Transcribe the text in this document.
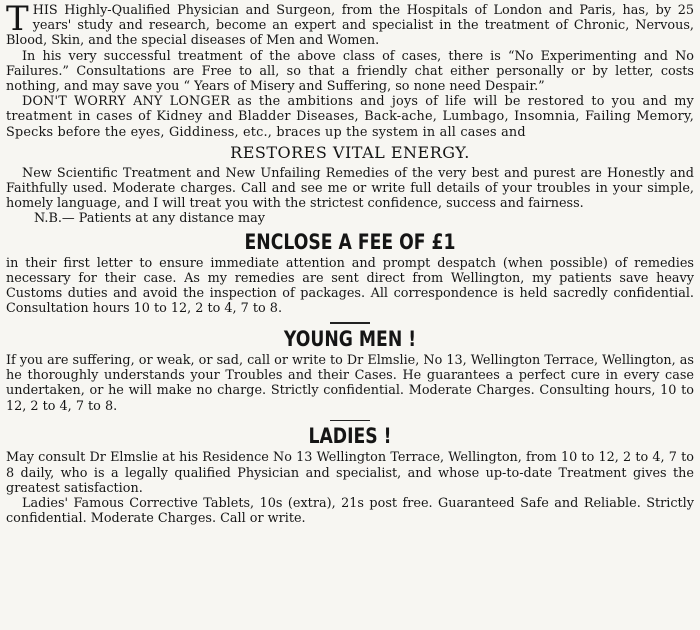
THIS Highly-Qualified Physician and Surgeon, from the Hospitals of London and Paris, has, by 25 years' study and research, become an expert and specialist in the treatment of Chronic, Nervous, Blood, Skin, and the special diseases of Men and Women.

In his very successful treatment of the above class of cases, there is “No Experimenting and No Failures.” Consultations are Free to all, so that a friendly chat either personally or by letter, costs nothing, and may save you “ Years of Misery and Suffering, so none need Despair.”

DON'T WORRY ANY LONGER as the ambitions and joys of life will be restored to you and my treatment in cases of Kidney and Bladder Diseases, Back-ache, Lumbago, Insomnia, Failing Memory, Specks before the eyes, Giddiness, etc., braces up the system in all cases and

RESTORES VITAL ENERGY.

New Scientific Treatment and New Unfailing Remedies of the very best and purest are Honestly and Faithfully used. Moderate charges. Call and see me or write full details of your troubles in your simple, homely language, and I will treat you with the strictest confidence, success and fairness.

N.B.— Patients at any distance may

ENCLOSE A FEE OF £1

in their first letter to ensure immediate attention and prompt despatch (when possible) of remedies necessary for their case. As my remedies are sent direct from Wellington, my patients save heavy Customs duties and avoid the inspection of packages. All correspondence is held sacredly confidential. Consultation hours 10 to 12, 2 to 4, 7 to 8.

YOUNG MEN !

If you are suffering, or weak, or sad, call or write to Dr Elmslie, No 13, Wellington Terrace, Wellington, as he thoroughly understands your Troubles and their Cases. He guarantees a perfect cure in every case undertaken, or he will make no charge. Strictly confidential. Moderate Charges. Consulting hours, 10 to 12, 2 to 4, 7 to 8.

LADIES !

May consult Dr Elmslie at his Residence No 13 Wellington Terrace, Wellington, from 10 to 12, 2 to 4, 7 to 8 daily, who is a legally qualified Physician and specialist, and whose up-to-date Treatment gives the greatest satisfaction.

Ladies' Famous Corrective Tablets, 10s (extra), 21s post free. Guaranteed Safe and Reliable. Strictly confidential. Moderate Charges. Call or write.
